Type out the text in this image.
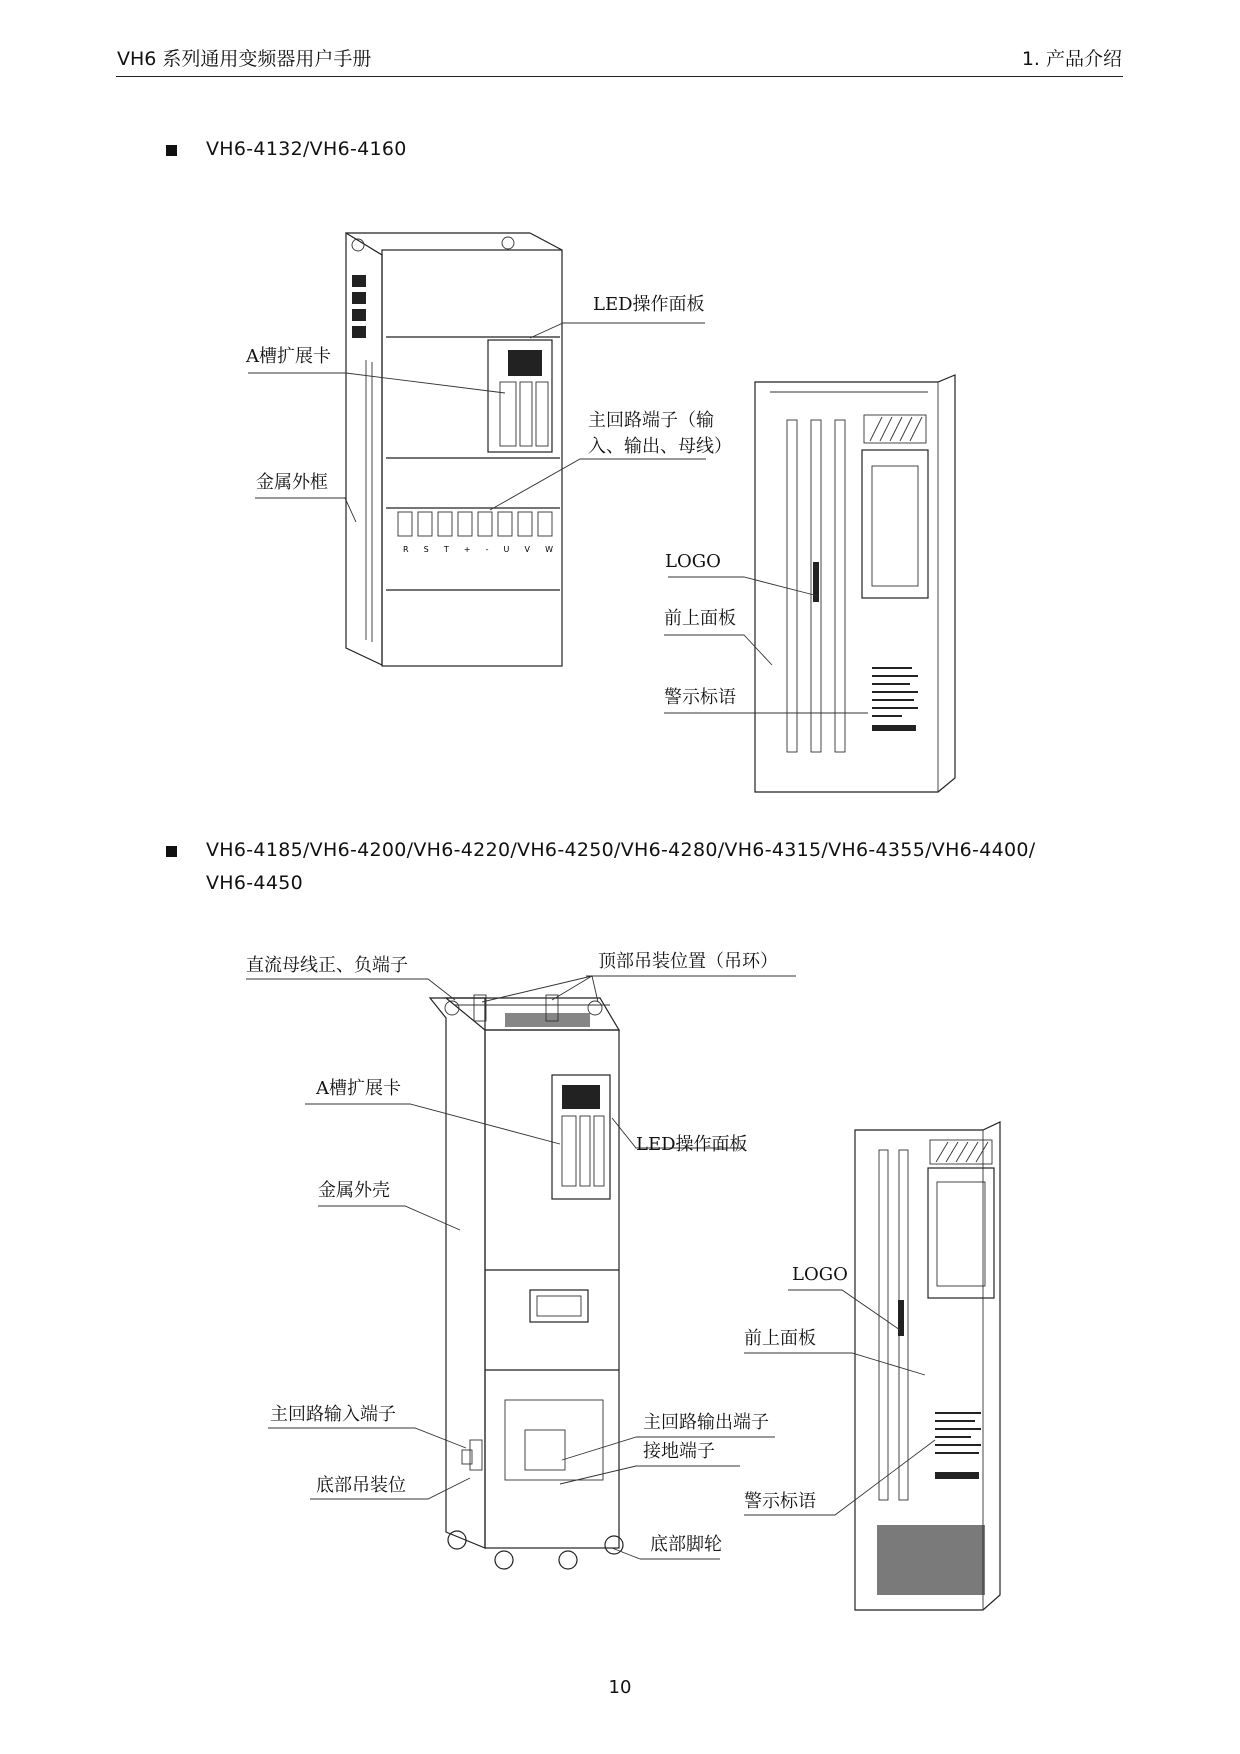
VH6 系列通用变频器用户手册	1. 产品介绍
VH6-4132/VH6-4160
VH6-4185/VH6-4200/VH6-4220/VH6-4250/VH6-4280/VH6-4315/VH6-4355/VH6-4400/
VH6-4450
R S T + - U V W
LED操作面板
A槽扩展卡
主回路端子（输
入、输出、母线）
金属外框
LOGO
前上面板
警示标语
直流母线正、负端子	顶部吊装位置（吊环）
A槽扩展卡
LED操作面板
金属外壳
LOGO
前上面板
主回路输入端子	主回路输出端子
接地端子
底部吊装位
警示标语
底部脚轮
10
